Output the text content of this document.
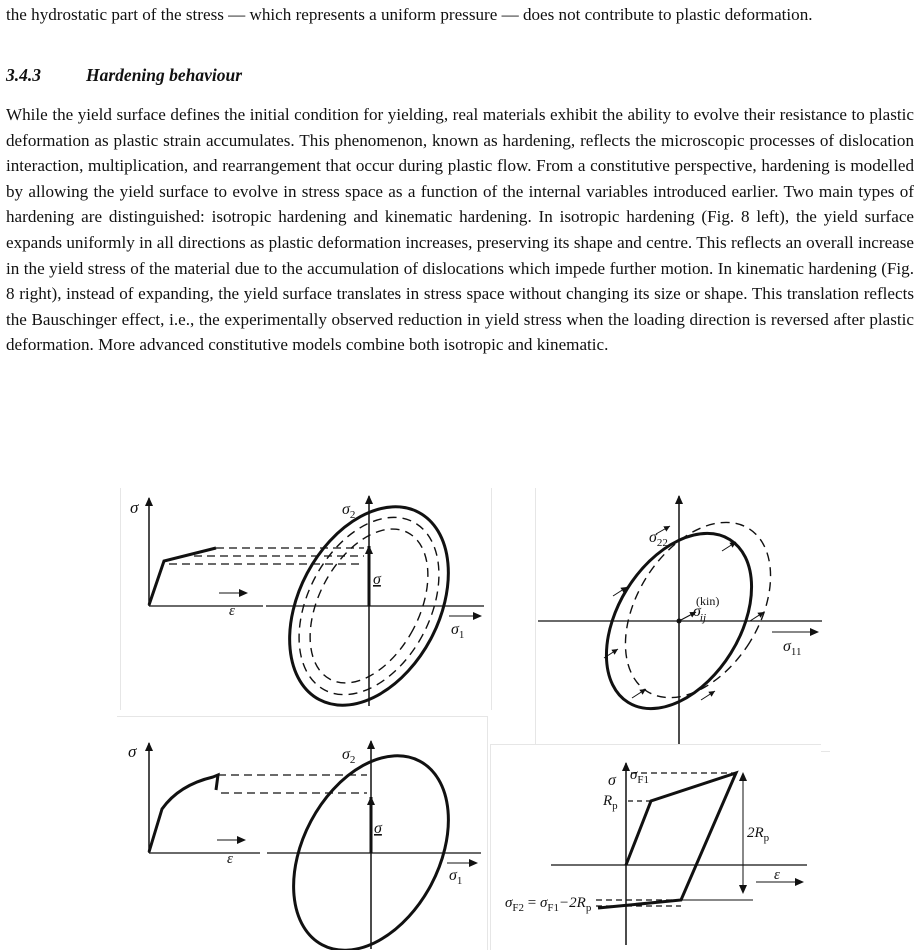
the hydrostatic part of the stress — which represents a uniform pressure — does not contribute to plastic deformation.

3.4.3	Hardening behaviour

While the yield surface defines the initial condition for yielding, real materials exhibit the ability to evolve their resistance to plastic deformation as plastic strain accumulates. This phenomenon, known as hardening, reflects the microscopic processes of dislocation interaction, multiplication, and rearrangement that occur during plastic flow. From a constitutive perspective, hardening is modelled by allowing the yield surface to evolve in stress space as a function of the internal variables introduced earlier. Two main types of hardening are distinguished: isotropic hardening and kinematic hardening. In isotropic hardening (Fig. 8 left), the yield surface expands uniformly in all directions as plastic deformation increases, preserving its shape and centre. This reflects an overall increase in the yield stress of the material due to the accumulation of dislocations which impede further motion. In kinematic hardening (Fig. 8 right), instead of expanding, the yield surface translates in stress space without changing its size or shape. This translation reflects the Bauschinger effect, i.e., the experimentally observed reduction in yield stress when the loading direction is reversed after plastic deformation. More advanced constitutive models combine both isotropic and kinematic.

σ
ε
$\sigma_2$
$\sigma_1$
σ
$\sigma_{22}$
$\sigma_{11}$
σij(kin)
σ
ε
$\sigma_2$
$\sigma_1$
σ
σ
ε
$\sigma_{F1}$
$R_p$
$2R_p$
$\sigma_{F2} = \sigma_{F1}-2R_p$
